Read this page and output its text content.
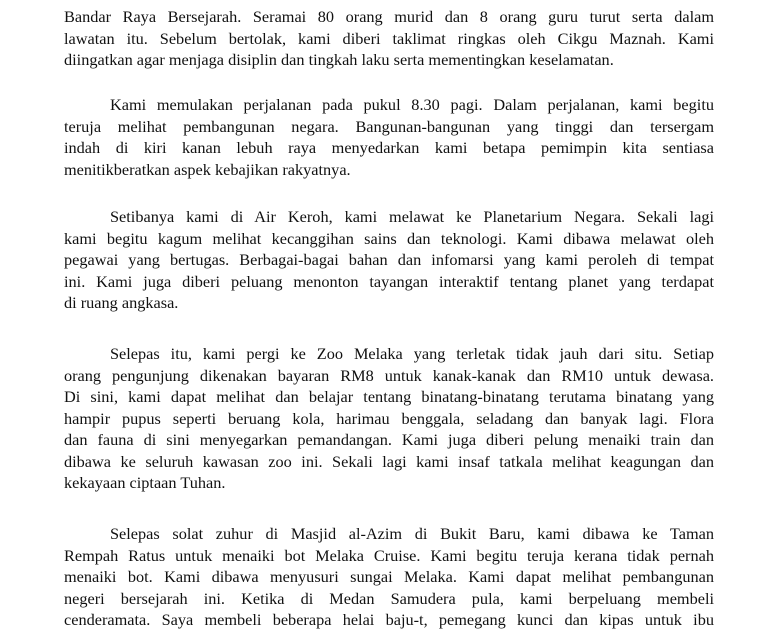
Bandar Raya Bersejarah. Seramai 80 orang murid dan 8 orang guru turut serta dalam
lawatan itu. Sebelum bertolak, kami diberi taklimat ringkas oleh Cikgu Maznah. Kami
diingatkan agar menjaga disiplin dan tingkah laku serta mementingkan keselamatan.

Kami memulakan perjalanan pada pukul 8.30 pagi. Dalam perjalanan, kami begitu
teruja melihat pembangunan negara. Bangunan-bangunan yang tinggi dan tersergam
indah di kiri kanan lebuh raya menyedarkan kami betapa pemimpin kita sentiasa
menitikberatkan aspek kebajikan rakyatnya.

Setibanya kami di Air Keroh, kami melawat ke Planetarium Negara. Sekali lagi
kami begitu kagum melihat kecanggihan sains dan teknologi. Kami dibawa melawat oleh
pegawai yang bertugas. Berbagai-bagai bahan dan infomarsi yang kami peroleh di tempat
ini. Kami juga diberi peluang menonton tayangan interaktif tentang planet yang terdapat
di ruang angkasa.

Selepas itu, kami pergi ke Zoo Melaka yang terletak tidak jauh dari situ. Setiap
orang pengunjung dikenakan bayaran RM8 untuk kanak-kanak dan RM10 untuk dewasa.
Di sini, kami dapat melihat dan belajar tentang binatang-binatang terutama binatang yang
hampir pupus seperti beruang kola, harimau benggala, seladang dan banyak lagi. Flora
dan fauna di sini menyegarkan pemandangan. Kami juga diberi pelung menaiki train dan
dibawa ke seluruh kawasan zoo ini. Sekali lagi kami insaf tatkala melihat keagungan dan
kekayaan ciptaan Tuhan.

Selepas solat zuhur di Masjid al-Azim di Bukit Baru, kami dibawa ke Taman
Rempah Ratus untuk menaiki bot Melaka Cruise. Kami begitu teruja kerana tidak pernah
menaiki bot. Kami dibawa menyusuri sungai Melaka. Kami dapat melihat pembangunan
negeri bersejarah ini. Ketika di Medan Samudera pula, kami berpeluang membeli
cenderamata. Saya membeli beberapa helai baju-t, pemegang kunci dan kipas untuk ibu
